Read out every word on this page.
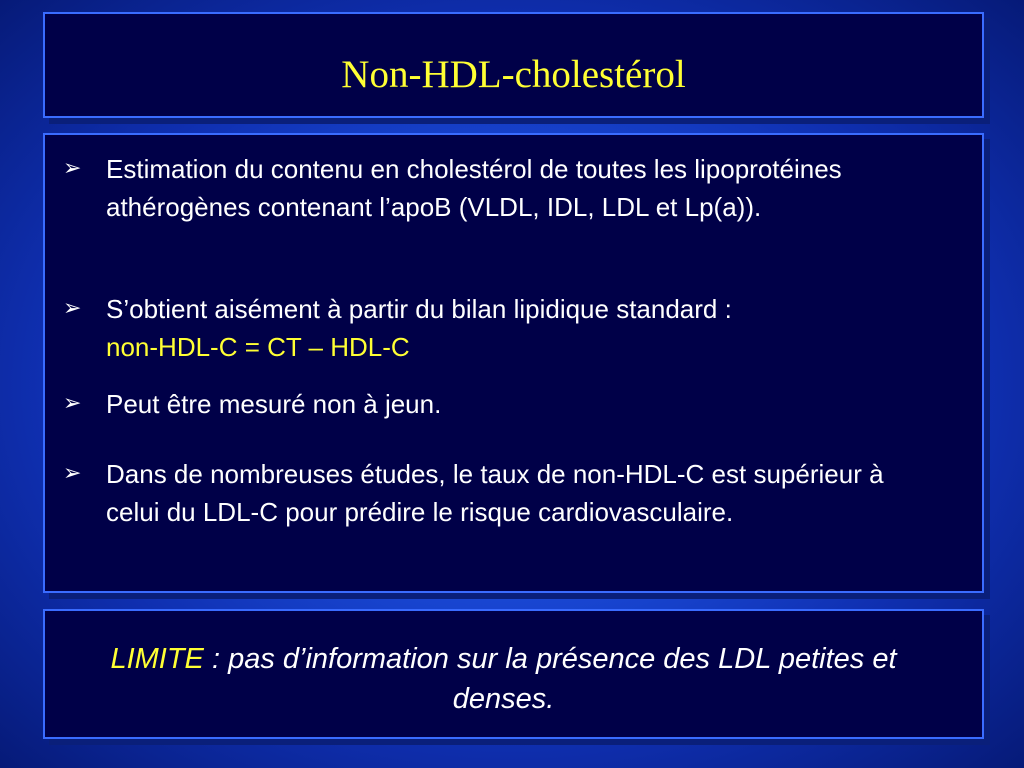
Non-HDL-cholestérol
➢ Estimation du contenu en cholestérol de toutes les lipoprotéines athérogènes contenant l’apoB (VLDL, IDL, LDL et Lp(a)).
➢ S’obtient aisément à partir du bilan lipidique standard :
non-HDL-C = CT – HDL-C
➢ Peut être mesuré non à jeun.
➢ Dans de nombreuses études, le taux de non-HDL-C est supérieur à celui du LDL-C pour prédire le risque cardiovasculaire.
LIMITE : pas d’information sur la présence des LDL petites et denses.
